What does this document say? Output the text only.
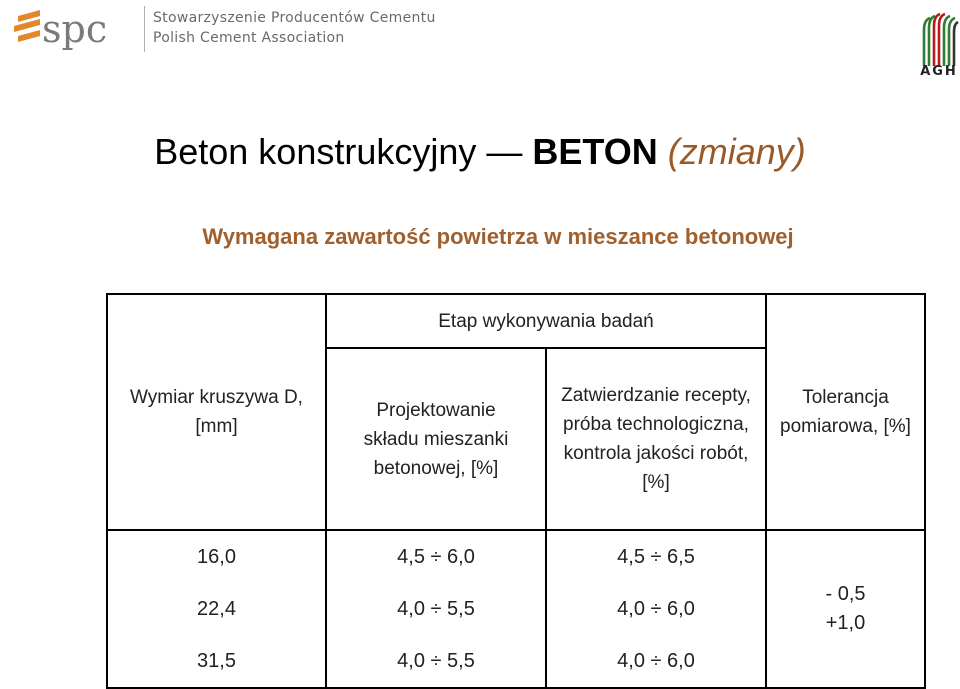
spc	Stowarzyszenie Producentów Cementu
Polish Cement Association
AGH
Beton konstrukcyjny — BETON (zmiany)
Wymagana zawartość powietrza w mieszance betonowej
Wymiar kruszywa D, [mm]	Etap wykonywania badań		Tolerancja pomiarowa, [%]
	Projektowanie składu mieszanki betonowej, [%]	Zatwierdzanie recepty, próba technologiczna, kontrola jakości robót, [%]	
16,0	4,5 ÷ 6,0	4,5 ÷ 6,5	- 0,5
+1,0

22,4	4,0 ÷ 5,5	4,0 ÷ 6,0	
31,5	4,0 ÷ 5,5	4,0 ÷ 6,0	
